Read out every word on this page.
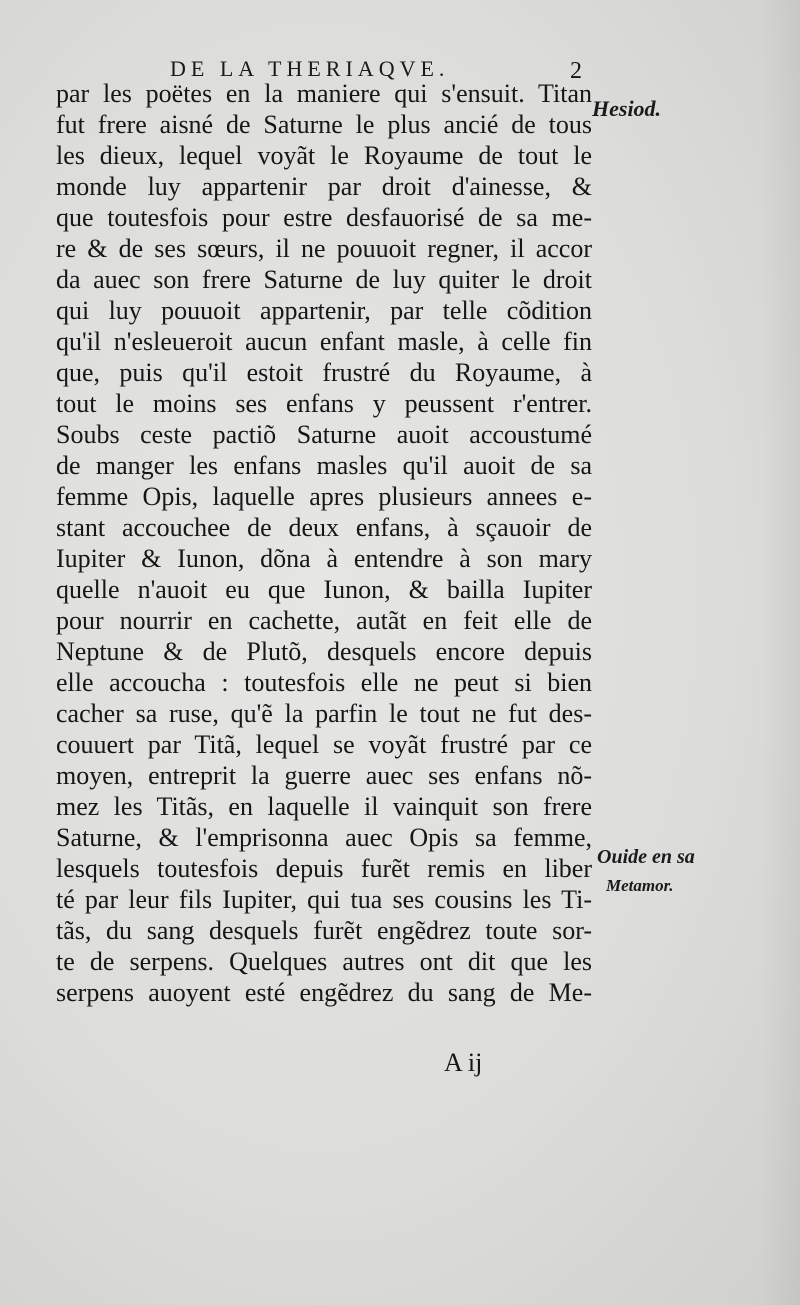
DE LA THERIAQVE.	2
par les poëtes en la maniere qui s'ensuit. Titan
fut frere aisné de Saturne le plus ancié de tous
les dieux, lequel voyãt le Royaume de tout le
monde luy appartenir par droit d'ainesse, &
que toutesfois pour estre desfauorisé de sa me-
re & de ses sœurs, il ne pouuoit regner, il accor
da auec son frere Saturne de luy quiter le droit
qui luy pouuoit appartenir, par telle cõdition
qu'il n'esleueroit aucun enfant masle, à celle fin
que, puis qu'il estoit frustré du Royaume, à
tout le moins ses enfans y peussent r'entrer.
Soubs ceste pactiõ Saturne auoit accoustumé
de manger les enfans masles qu'il auoit de sa
femme Opis, laquelle apres plusieurs annees e-
stant accouchee de deux enfans, à sçauoir de
Iupiter & Iunon, dõna à entendre à son mary
quelle n'auoit eu que Iunon, & bailla Iupiter
pour nourrir en cachette, autãt en feit elle de
Neptune & de Plutõ, desquels encore depuis
elle accoucha : toutesfois elle ne peut si bien
cacher sa ruse, qu'ẽ la parfin le tout ne fut des-
couuert par Titã, lequel se voyãt frustré par ce
moyen, entreprit la guerre auec ses enfans nõ-
mez les Titãs, en laquelle il vainquit son frere
Saturne, & l'emprisonna auec Opis sa femme,
lesquels toutesfois depuis furẽt remis en liber
té par leur fils Iupiter, qui tua ses cousins les Ti-
tãs, du sang desquels furẽt engẽdrez toute sor-
te de serpens. Quelques autres ont dit que les
serpens auoyent esté engẽdrez du sang de Me-
Hesiod.
Ouide en sa
Metamor.
A ij
